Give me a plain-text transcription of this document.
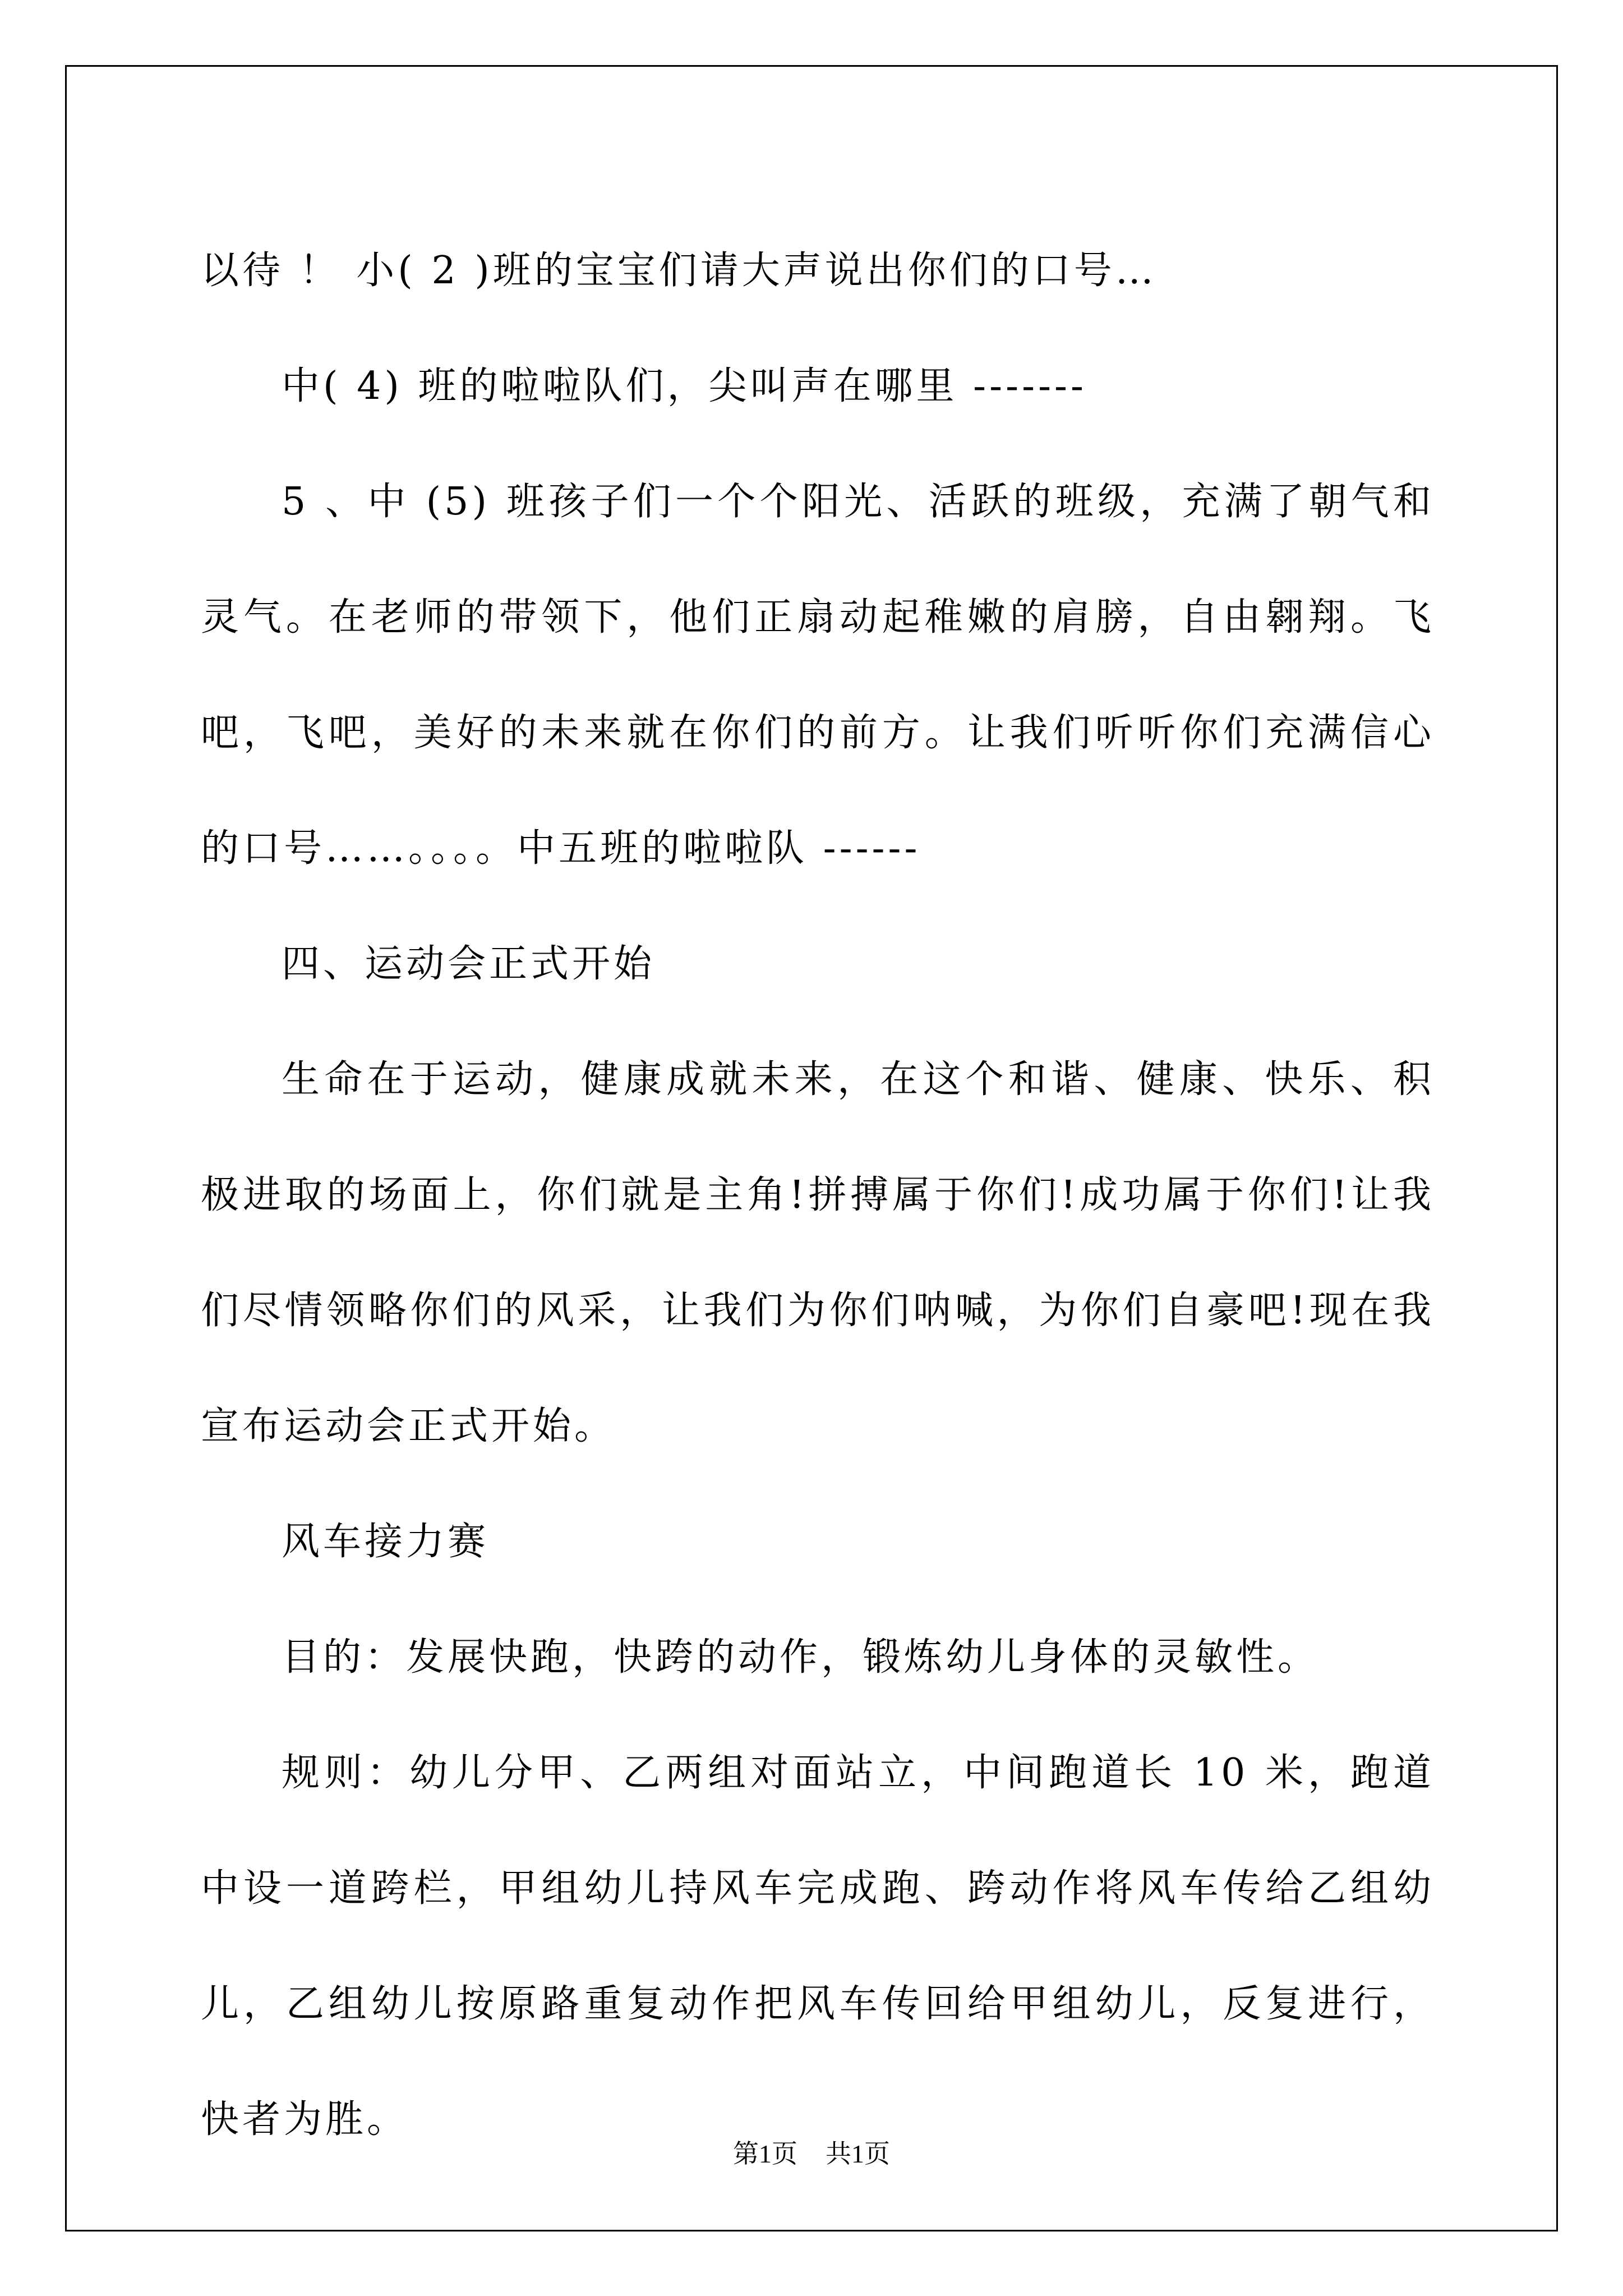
以待 ！ 小( 2 )班的宝宝们请大声说出你们的口号…

中( 4) 班的啦啦队们，尖叫声在哪里 -------

5 、中 (5) 班孩子们一个个阳光、活跃的班级，充满了朝气和灵气。在老师的带领下，他们正扇动起稚嫩的肩膀，自由翱翔。飞吧，飞吧，美好的未来就在你们的前方。让我们听听你们充满信心的口号……。。。。中五班的啦啦队 ------

四、运动会正式开始

生命在于运动，健康成就未来，在这个和谐、健康、快乐、积极进取的场面上，你们就是主角!拼搏属于你们!成功属于你们!让我们尽情领略你们的风采，让我们为你们呐喊，为你们自豪吧!现在我宣布运动会正式开始。

风车接力赛

目的：发展快跑，快跨的动作，锻炼幼儿身体的灵敏性。

规则：幼儿分甲、乙两组对面站立，中间跑道长 10 米，跑道中设一道跨栏，甲组幼儿持风车完成跑、跨动作将风车传给乙组幼儿，乙组幼儿按原路重复动作把风车传回给甲组幼儿，反复进行，快者为胜。

第1页 共1页
